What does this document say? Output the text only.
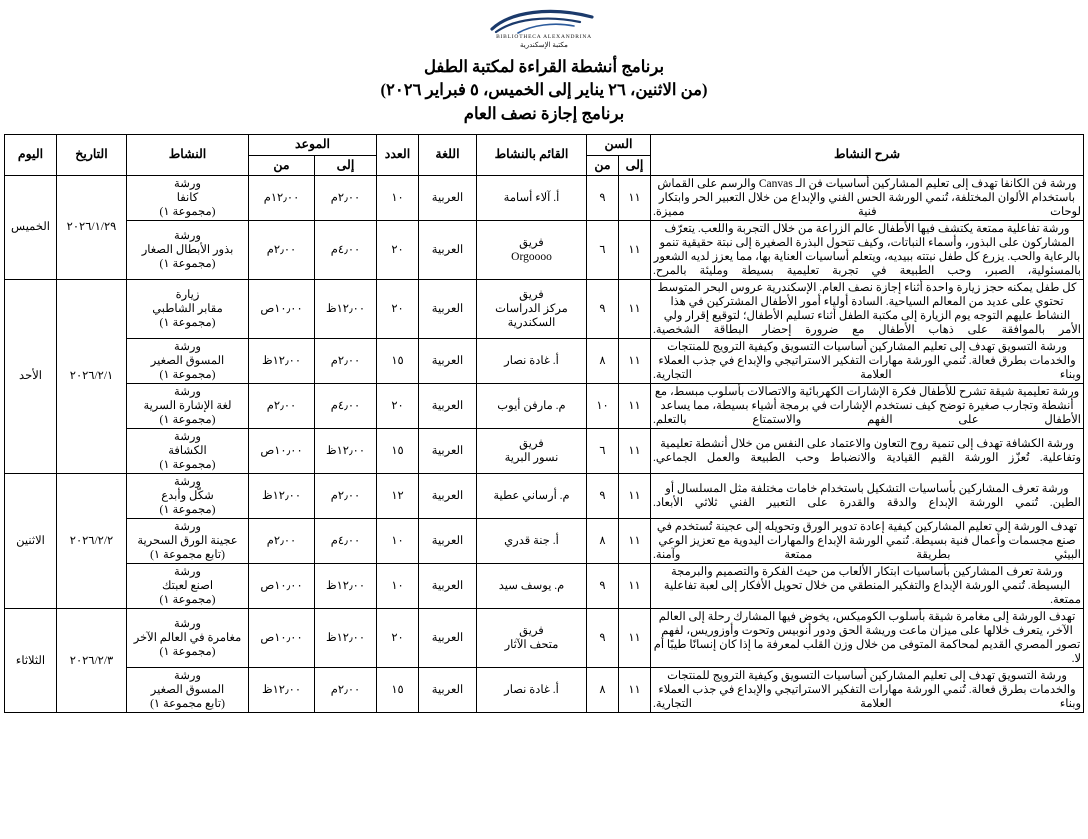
BIBLIOTHECA ALEXANDRINA
مكتبة الإسكندرية
برنامج أنشطة القراءة لمكتبة الطفل
(من الاثنين، ٢٦ يناير إلى الخميس، ٥ فبراير ٢٠٢٦)
برنامج إجازة نصف العام
شرح النشاط	السن		القائم بالنشاط	اللغة	العدد	الموعد		النشاط	التاريخ	اليوم
	إلى	من				إلى	من			
ورشة فن الكانفا تهدف إلى تعليم المشاركين أساسيات فن الـ Canvas والرسم على القماش باستخدام الألوان المختلفة، تُنمي الورشة الحس الفني والإبداع من خلال التعبير الحر وابتكار لوحات فنية مميزة.	١١	٩	أ. آلاء أسامة	العربية	١٠	٢٫٠٠م	١٢٫٠٠م	ورشة
كانفا
(مجموعة ١)	٢٠٢٦/١/٢٩	الخميس
ورشة تفاعلية ممتعة يكتشف فيها الأطفال عالم الزراعة من خلال التجربة واللعب. يتعرّف المشاركون على البذور، وأسماء النباتات، وكيف تتحول البذرة الصغيرة إلى نبتة حقيقية تنمو بالرعاية والحب. يزرع كل طفل نبتته ببيديه، ويتعلم أساسيات العناية بها، مما يعزز لديه الشعور بالمسئولية، الصبر، وحب الطبيعة في تجربة تعليمية بسيطة ومليئة بالمرح.	١١	٦	فريق
Orgoooo	العربية	٢٠	٤٫٠٠م	٢٫٠٠م	ورشة
بذور الأبطال الصغار
(مجموعة ١)
كل طفل يمكنه حجز زيارة واحدة أثناء إجازة نصف العام. الإسكندرية عروس البحر المتوسط تحتوي على عديد من المعالم السياحية. السادة أولياء أمور الأطفال المشتركين في هذا النشاط عليهم التوجه يوم الزيارة إلى مكتبة الطفل أثناء تسليم الأطفال؛ لتوقيع إقرار ولي الأمر بالموافقة على ذهاب الأطفال مع ضرورة إحضار البطاقة الشخصية.	١١	٩	فريق
مركز الدراسات
السكندرية	العربية	٢٠	١٢٫٠٠ظ	١٠٫٠٠ص	زيارة
مقابر الشاطبي
(مجموعة ١)	٢٠٢٦/٢/١	الأحد
ورشة التسويق تهدف إلى تعليم المشاركين أساسيات التسويق وكيفية الترويج للمنتجات والخدمات بطرق فعالة. تُنمي الورشة مهارات التفكير الاستراتيجي والإبداع في جذب العملاء وبناء العلامة التجارية.	١١	٨	أ. غادة نصار	العربية	١٥	٢٫٠٠م	١٢٫٠٠ظ	ورشة
المسوق الصغير
(مجموعة ١)		
ورشة تعليمية شيقة تشرح للأطفال فكرة الإشارات الكهربائية والاتصالات بأسلوب مبسط، مع أنشطة وتجارب صغيرة توضح كيف نستخدم الإشارات في برمجة أشياء بسيطة، مما يساعد الأطفال على الفهم والاستمتاع بالتعلم.	١١	١٠	م. مارفن أيوب	العربية	٢٠	٤٫٠٠م	٢٫٠٠م	ورشة
لغة الإشارة السرية
(مجموعة ١)		
ورشة الكشافة تهدف إلى تنمية روح التعاون والاعتماد على النفس من خلال أنشطة تعليمية وتفاعلية. تُعزّز الورشة القيم القيادية والانضباط وحب الطبيعة والعمل الجماعي.	١١	٦	فريق
نسور البرية	العربية	١٥	١٢٫٠٠ظ	١٠٫٠٠ص	ورشة
الكشافة
(مجموعة ١)		
ورشة تعرف المشاركين بأساسيات التشكيل باستخدام خامات مختلفة مثل المسلسال أو الطين. تُنمي الورشة الإبداع والدقة والقدرة على التعبير الفني ثلاثي الأبعاد.	١١	٩	م. أرساني عطية	العربية	١٢	٢٫٠٠م	١٢٫٠٠ظ	ورشة
شكّل وأبدع
(مجموعة ١)	٢٠٢٦/٢/٢	الاثنين
تهدف الورشة إلى تعليم المشاركين كيفية إعادة تدوير الورق وتحويله إلى عجينة تُستخدم في صنع مجسمات وأعمال فنية بسيطة. تُنمي الورشة الإبداع والمهارات اليدوية مع تعزيز الوعي البيئي بطريقة ممتعة وآمنة.	١١	٨	أ. جنة قدري	العربية	١٠	٤٫٠٠م	٢٫٠٠م	ورشة
عجينة الورق السحرية
(تابع مجموعة ١)		
ورشة تعرف المشاركين بأساسيات ابتكار الألعاب من حيث الفكرة والتصميم والبرمجة البسيطة. تُنمي الورشة الإبداع والتفكير المنطقي من خلال تحويل الأفكار إلى لعبة تفاعلية ممتعة.	١١	٩	م. يوسف سيد	العربية	١٠	١٢٫٠٠ظ	١٠٫٠٠ص	ورشة
اصنع لعبتك
(مجموعة ١)		
تهدف الورشة إلى مغامرة شيقة بأسلوب الكوميكس، يخوض فيها المشارك رحلة إلى العالم الآخر، يتعرف خلالها على ميزان ماعت وريشة الحق ودور أنوبيس وتحوت وأوزوريس، لفهم تصور المصري القديم لمحاكمة المتوفى من خلال وزن القلب لمعرفة ما إذا كان إنسانًا طيبًا أم لا.	١١	٩	فريق
متحف الآثار	العربية	٢٠	١٢٫٠٠ظ	١٠٫٠٠ص	ورشة
مغامرة في العالم الآخر
(مجموعة ١)	٢٠٢٦/٢/٣	الثلاثاء
ورشة التسويق تهدف إلى تعليم المشاركين أساسيات التسويق وكيفية الترويج للمنتجات والخدمات بطرق فعالة. تُنمي الورشة مهارات التفكير الاستراتيجي والإبداع في جذب العملاء وبناء العلامة التجارية.	١١	٨	أ. غادة نصار	العربية	١٥	٢٫٠٠م	١٢٫٠٠ظ	ورشة
المسوق الصغير
(تابع مجموعة ١)		
